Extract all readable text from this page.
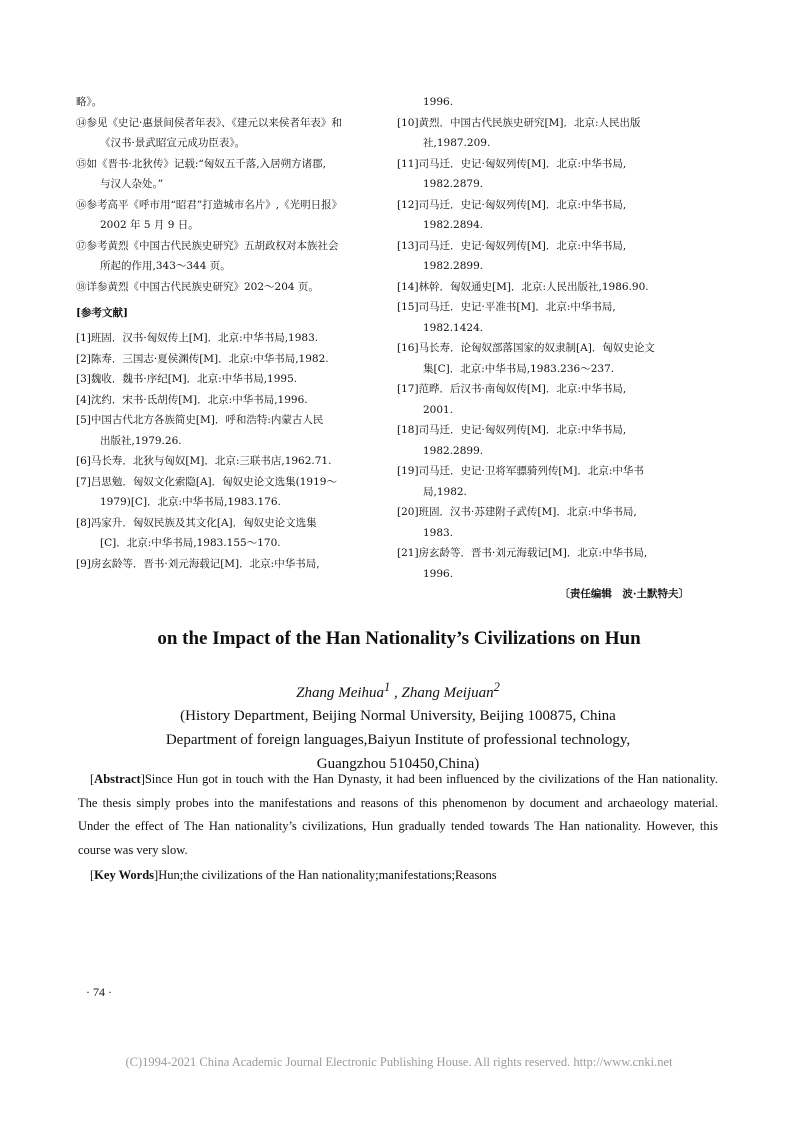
略》。
⑭参见《史记·惠景间侯者年表》、《建元以来侯者年表》和
《汉书·景武昭宣元成功臣表》。
⑮如《晋书·北狄传》记载:“匈奴五千落,入居朔方诸郡,
与汉人杂处。”
⑯参考高平《呼市用“昭君”打造城市名片》,《光明日报》
2002 年 5 月 9 日。
⑰参考黄烈《中国古代民族史研究》五胡政权对本族社会
所起的作用,343～344 页。
⑱详参黄烈《中国古代民族史研究》202～204 页。
[参考文献]
[1]班固．汉书·匈奴传上[M]．北京:中华书局,1983.
[2]陈寿．三国志·夏侯渊传[M]．北京:中华书局,1982.
[3]魏收．魏书·序纪[M]．北京:中华书局,1995.
[4]沈约．宋书·氐胡传[M]．北京:中华书局,1996.
[5]中国古代北方各族简史[M]．呼和浩特:内蒙古人民
出版社,1979.26.
[6]马长寿．北狄与匈奴[M]．北京:三联书店,1962.71.
[7]吕思勉．匈奴文化索隐[A]．匈奴史论文选集(1919～
1979)[C]．北京:中华书局,1983.176.
[8]冯家升．匈奴民族及其文化[A]．匈奴史论文选集
[C]．北京:中华书局,1983.155～170.
[9]房玄龄等．晋书·刘元海载记[M]．北京:中华书局,
1996.
[10]黄烈．中国古代民族史研究[M]．北京:人民出版
社,1987.209.
[11]司马迁．史记·匈奴列传[M]．北京:中华书局,
1982.2879.
[12]司马迁．史记·匈奴列传[M]．北京:中华书局,
1982.2894.
[13]司马迁．史记·匈奴列传[M]．北京:中华书局,
1982.2899.
[14]林幹．匈奴通史[M]．北京:人民出版社,1986.90.
[15]司马迁．史记·平准书[M]．北京:中华书局,
1982.1424.
[16]马长寿．论匈奴部落国家的奴隶制[A]．匈奴史论文
集[C]．北京:中华书局,1983.236～237.
[17]范晔．后汉书·南匈奴传[M]．北京:中华书局,
2001.
[18]司马迁．史记·匈奴列传[M]．北京:中华书局,
1982.2899.
[19]司马迁．史记·卫将军骠骑列传[M]．北京:中华书
局,1982.
[20]班固．汉书·苏建附子武传[M]．北京:中华书局,
1983.
[21]房玄龄等．晋书·刘元海载记[M]．北京:中华书局,
1996.
〔责任编辑　波·土默特夫〕
on the Impact of the Han Nationality’s Civilizations on Hun
Zhang Meihua$^1$ , Zhang Meijuan$^2$
(History Department, Beijing Normal University, Beijing 100875, China
Department of foreign languages,Baiyun Institute of professional technology,
Guangzhou 510450,China)

[Abstract]Since Hun got in touch with the Han Dynasty, it had been influenced by the civilizations of the Han nationality. The thesis simply probes into the manifestations and reasons of this phenomenon by document and archaeology material. Under the effect of The Han nationality’s civilizations, Hun gradually tended towards The Han nationality. However, this course was very slow.

[Key Words]Hun;the civilizations of the Han nationality;manifestations;Reasons

· 74 ·
(C)1994-2021 China Academic Journal Electronic Publishing House. All rights reserved. http://www.cnki.net
